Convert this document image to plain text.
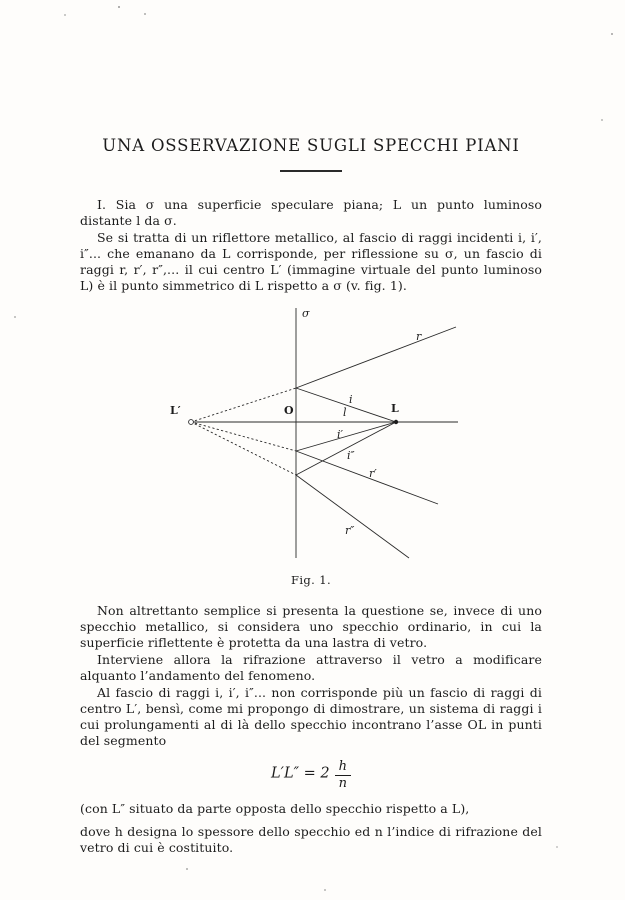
UNA OSSERVAZIONE SUGLI SPECCHI PIANI

I. Sia σ una superficie speculare piana; L un punto luminoso distante l da σ.

Se si tratta di un riflettore metallico, al fascio di raggi incidenti i, i′, i″... che emanano da L corrisponde, per riflessione su σ, un fascio di raggi r, r′, r″,... il cui centro L′ (immagine virtuale del punto luminoso L) è il punto simmetrico di L rispetto a σ (v. fig. 1).

σ
r
i
l	L
O
L′
i′
i″
r′
r″
Fig. 1.

Non altrettanto semplice si presenta la questione se, invece di uno specchio metallico, si considera uno specchio ordinario, in cui la superficie riflettente è protetta da una lastra di vetro.

Interviene allora la rifrazione attraverso il vetro a modificare alquanto l’andamento del fenomeno.

Al fascio di raggi i, i′, i″... non corrisponde più un fascio di raggi di centro L′, bensì, come mi propongo di dimostrare, un sistema di raggi i cui prolungamenti al di là dello specchio incontrano l’asse OL in punti del segmento

$L'L'' = 2 \frac{h}{n}$

(con L″ situato da parte opposta dello specchio rispetto a L),

dove h designa lo spessore dello specchio ed n l’indice di rifrazione del vetro di cui è costituito.
